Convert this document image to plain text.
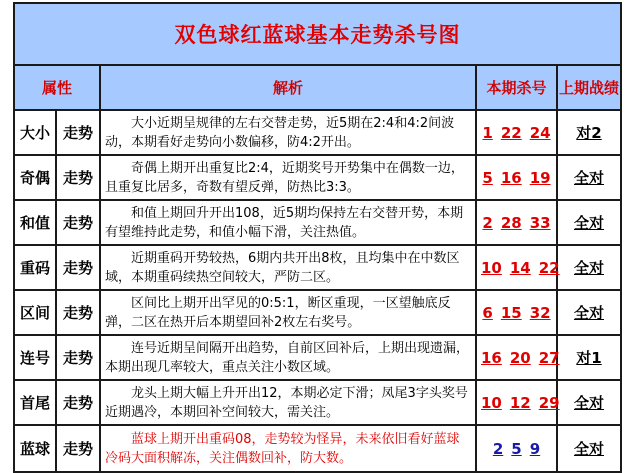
双色球红蓝球基本走势杀号图				
属性		解析	本期杀号	上期战绩
大小	走势	　　大小近期呈规律的左右交替走势，近5期在2:4和4:2间波动，本期看好走势向小数偏移，防4:2开出。	1 22 24	对2
奇偶	走势	　　奇偶上期开出重复比2:4，近期奖号开势集中在偶数一边，且重复比居多，奇数有望反弹，防热比3:3。	5 16 19	全对
和值	走势	　　和值上期回升开出108，近5期均保持左右交替开势，本期有望维持此走势，和值小幅下滑，关注热值。	2 28 33	全对
重码	走势	　　近期重码开势较热，6期内共开出8枚，且均集中在中数区域，本期重码续热空间较大，严防二区。	10 14 22	全对
区间	走势	　　区间比上期开出罕见的0:5:1，断区重现，一区望触底反弹，二区在热开后本期望回补2枚左右奖号。	6 15 32	全对
连号	走势	　　连号近期呈间隔开出趋势，自前区回补后，上期出现遗漏，本期出现几率较大，重点关注小数区域。	16 20 27	对1
首尾	走势	　　龙头上期大幅上升开出12，本期必定下滑；凤尾3字头奖号近期遇冷，本期回补空间较大，需关注。	10 12 29	全对
蓝球	走势	　　蓝球上期开出重码08，走势较为怪异，未来依旧看好蓝球冷码大面积解冻，关注偶数回补，防大数。	2 5 9	全对
